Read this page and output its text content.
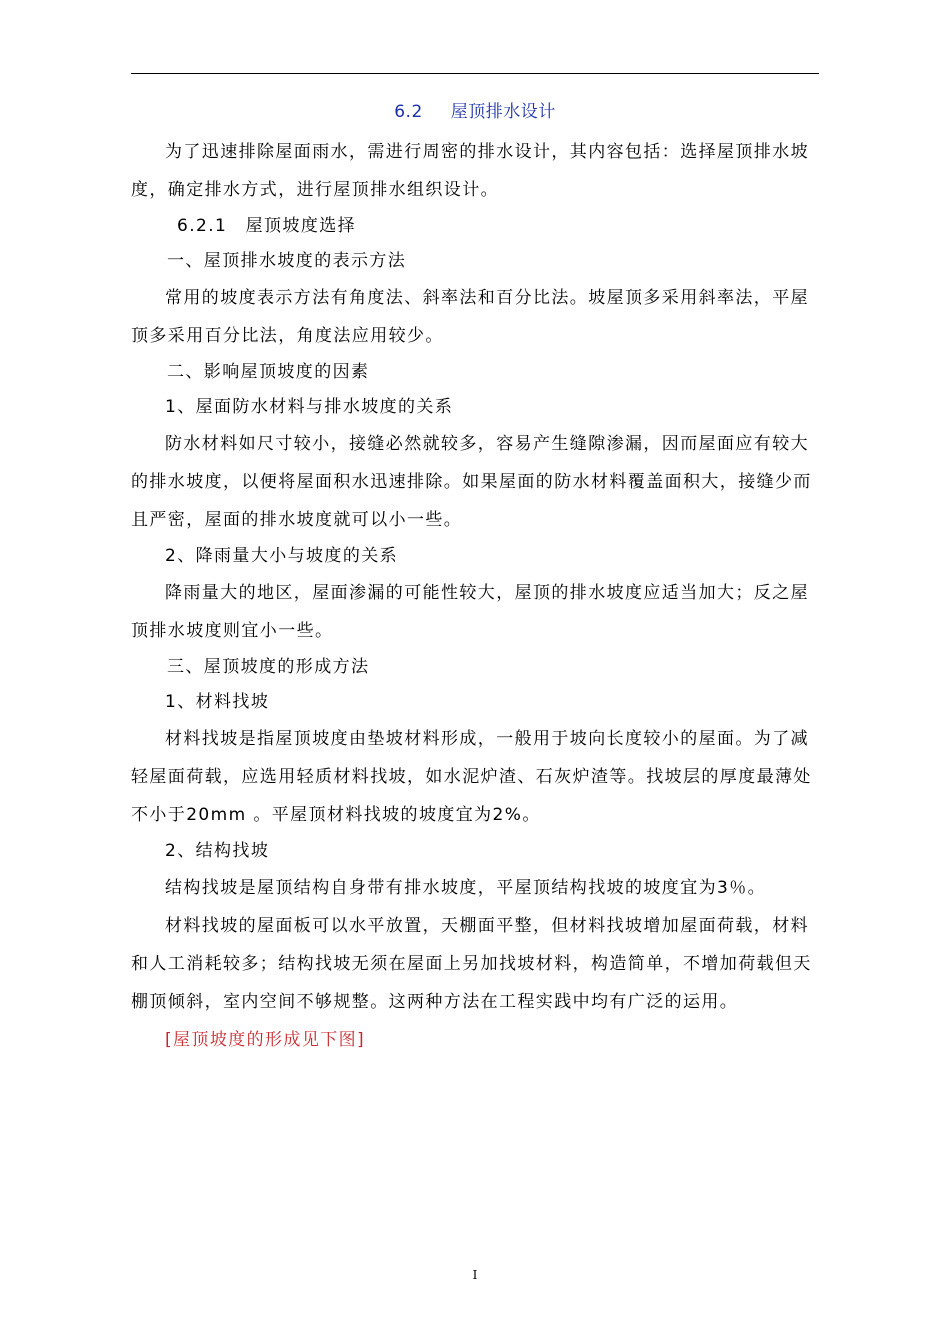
6.2 屋顶排水设计

为了迅速排除屋面雨水，需进行周密的排水设计，其内容包括：选择屋顶排水坡度，确定排水方式，进行屋顶排水组织设计。

6.2.1　屋顶坡度选择

一、屋顶排水坡度的表示方法

常用的坡度表示方法有角度法、斜率法和百分比法。坡屋顶多采用斜率法，平屋顶多采用百分比法，角度法应用较少。

二、影响屋顶坡度的因素

1、屋面防水材料与排水坡度的关系

防水材料如尺寸较小，接缝必然就较多，容易产生缝隙渗漏，因而屋面应有较大的排水坡度，以便将屋面积水迅速排除。如果屋面的防水材料覆盖面积大，接缝少而且严密，屋面的排水坡度就可以小一些。

2、降雨量大小与坡度的关系

降雨量大的地区，屋面渗漏的可能性较大，屋顶的排水坡度应适当加大；反之屋顶排水坡度则宜小一些。

三、屋顶坡度的形成方法

1、材料找坡

材料找坡是指屋顶坡度由垫坡材料形成，一般用于坡向长度较小的屋面。为了减轻屋面荷载，应选用轻质材料找坡，如水泥炉渣、石灰炉渣等。找坡层的厚度最薄处不小于20mm 。平屋顶材料找坡的坡度宜为2%。

2、结构找坡

结构找坡是屋顶结构自身带有排水坡度，平屋顶结构找坡的坡度宜为3％。

材料找坡的屋面板可以水平放置，天棚面平整，但材料找坡增加屋面荷载，材料和人工消耗较多；结构找坡无须在屋面上另加找坡材料，构造简单，不增加荷载但天棚顶倾斜，室内空间不够规整。这两种方法在工程实践中均有广泛的运用。

[屋顶坡度的形成见下图]

I
